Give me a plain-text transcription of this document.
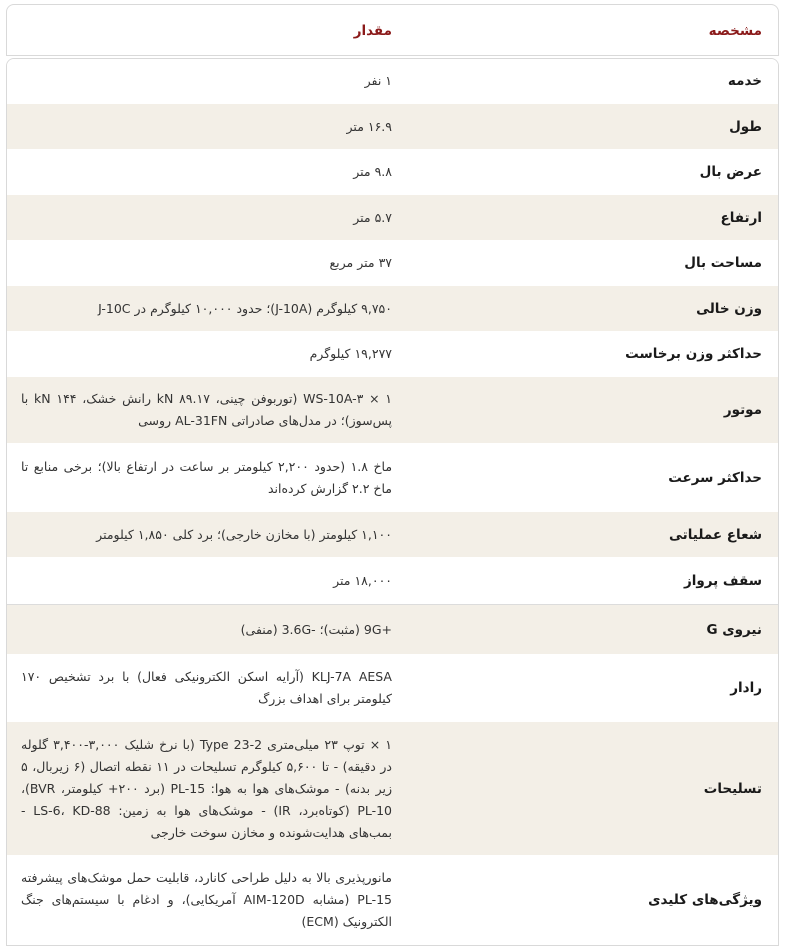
مشخصه
مقدار
خدمه
۱ نفر
طول
۱۶.۹ متر
عرض بال
۹.۸ متر
ارتفاع
۵.۷ متر
مساحت بال
۳۷ متر مربع
وزن خالی
۹,۷۵۰ کیلوگرم (J-10A)؛ حدود ۱۰,۰۰۰ کیلوگرم در J-10C
حداکثر وزن برخاست
۱۹,۲۷۷ کیلوگرم
موتور
۱ × WS-10A-۳ (توربوفن چینی، ۸۹.۱۷ kN رانش خشک، ۱۴۴ kN با پس‌سوز)؛ در مدل‌های صادراتی AL-31FN روسی
حداکثر سرعت
ماخ ۱.۸ (حدود ۲,۲۰۰ کیلومتر بر ساعت در ارتفاع بالا)؛ برخی منابع تا ماخ ۲.۲ گزارش کرده‌اند
شعاع عملیاتی
۱,۱۰۰ کیلومتر (با مخازن خارجی)؛ برد کلی ۱,۸۵۰ کیلومتر
سقف پرواز
۱۸,۰۰۰ متر
نیروی G
+9G (مثبت)؛ -3.6G (منفی)
رادار
KLJ-7A AESA (آرایه اسکن الکترونیکی فعال) با برد تشخیص ۱۷۰ کیلومتر برای اهداف بزرگ
تسلیحات
۱ × توپ ۲۳ میلی‌متری Type 23-2 (با نرخ شلیک ۳,۰۰۰-۳,۴۰۰ گلوله در دقیقه) - تا ۵,۶۰۰ کیلوگرم تسلیحات در ۱۱ نقطه اتصال (۶ زیربال، ۵ زیر بدنه) - موشک‌های هوا به هوا: PL-15 (برد ۲۰۰+ کیلومتر، BVR)، PL-10 (کوتاه‌برد، IR) - موشک‌های هوا به زمین: LS-6، KD-88 - بمب‌های هدایت‌شونده و مخازن سوخت خارجی
ویژگی‌های کلیدی
مانورپذیری بالا به دلیل طراحی کانارد، قابلیت حمل موشک‌های پیشرفته PL-15 (مشابه AIM-120D آمریکایی)، و ادغام با سیستم‌های جنگ الکترونیک (ECM)
